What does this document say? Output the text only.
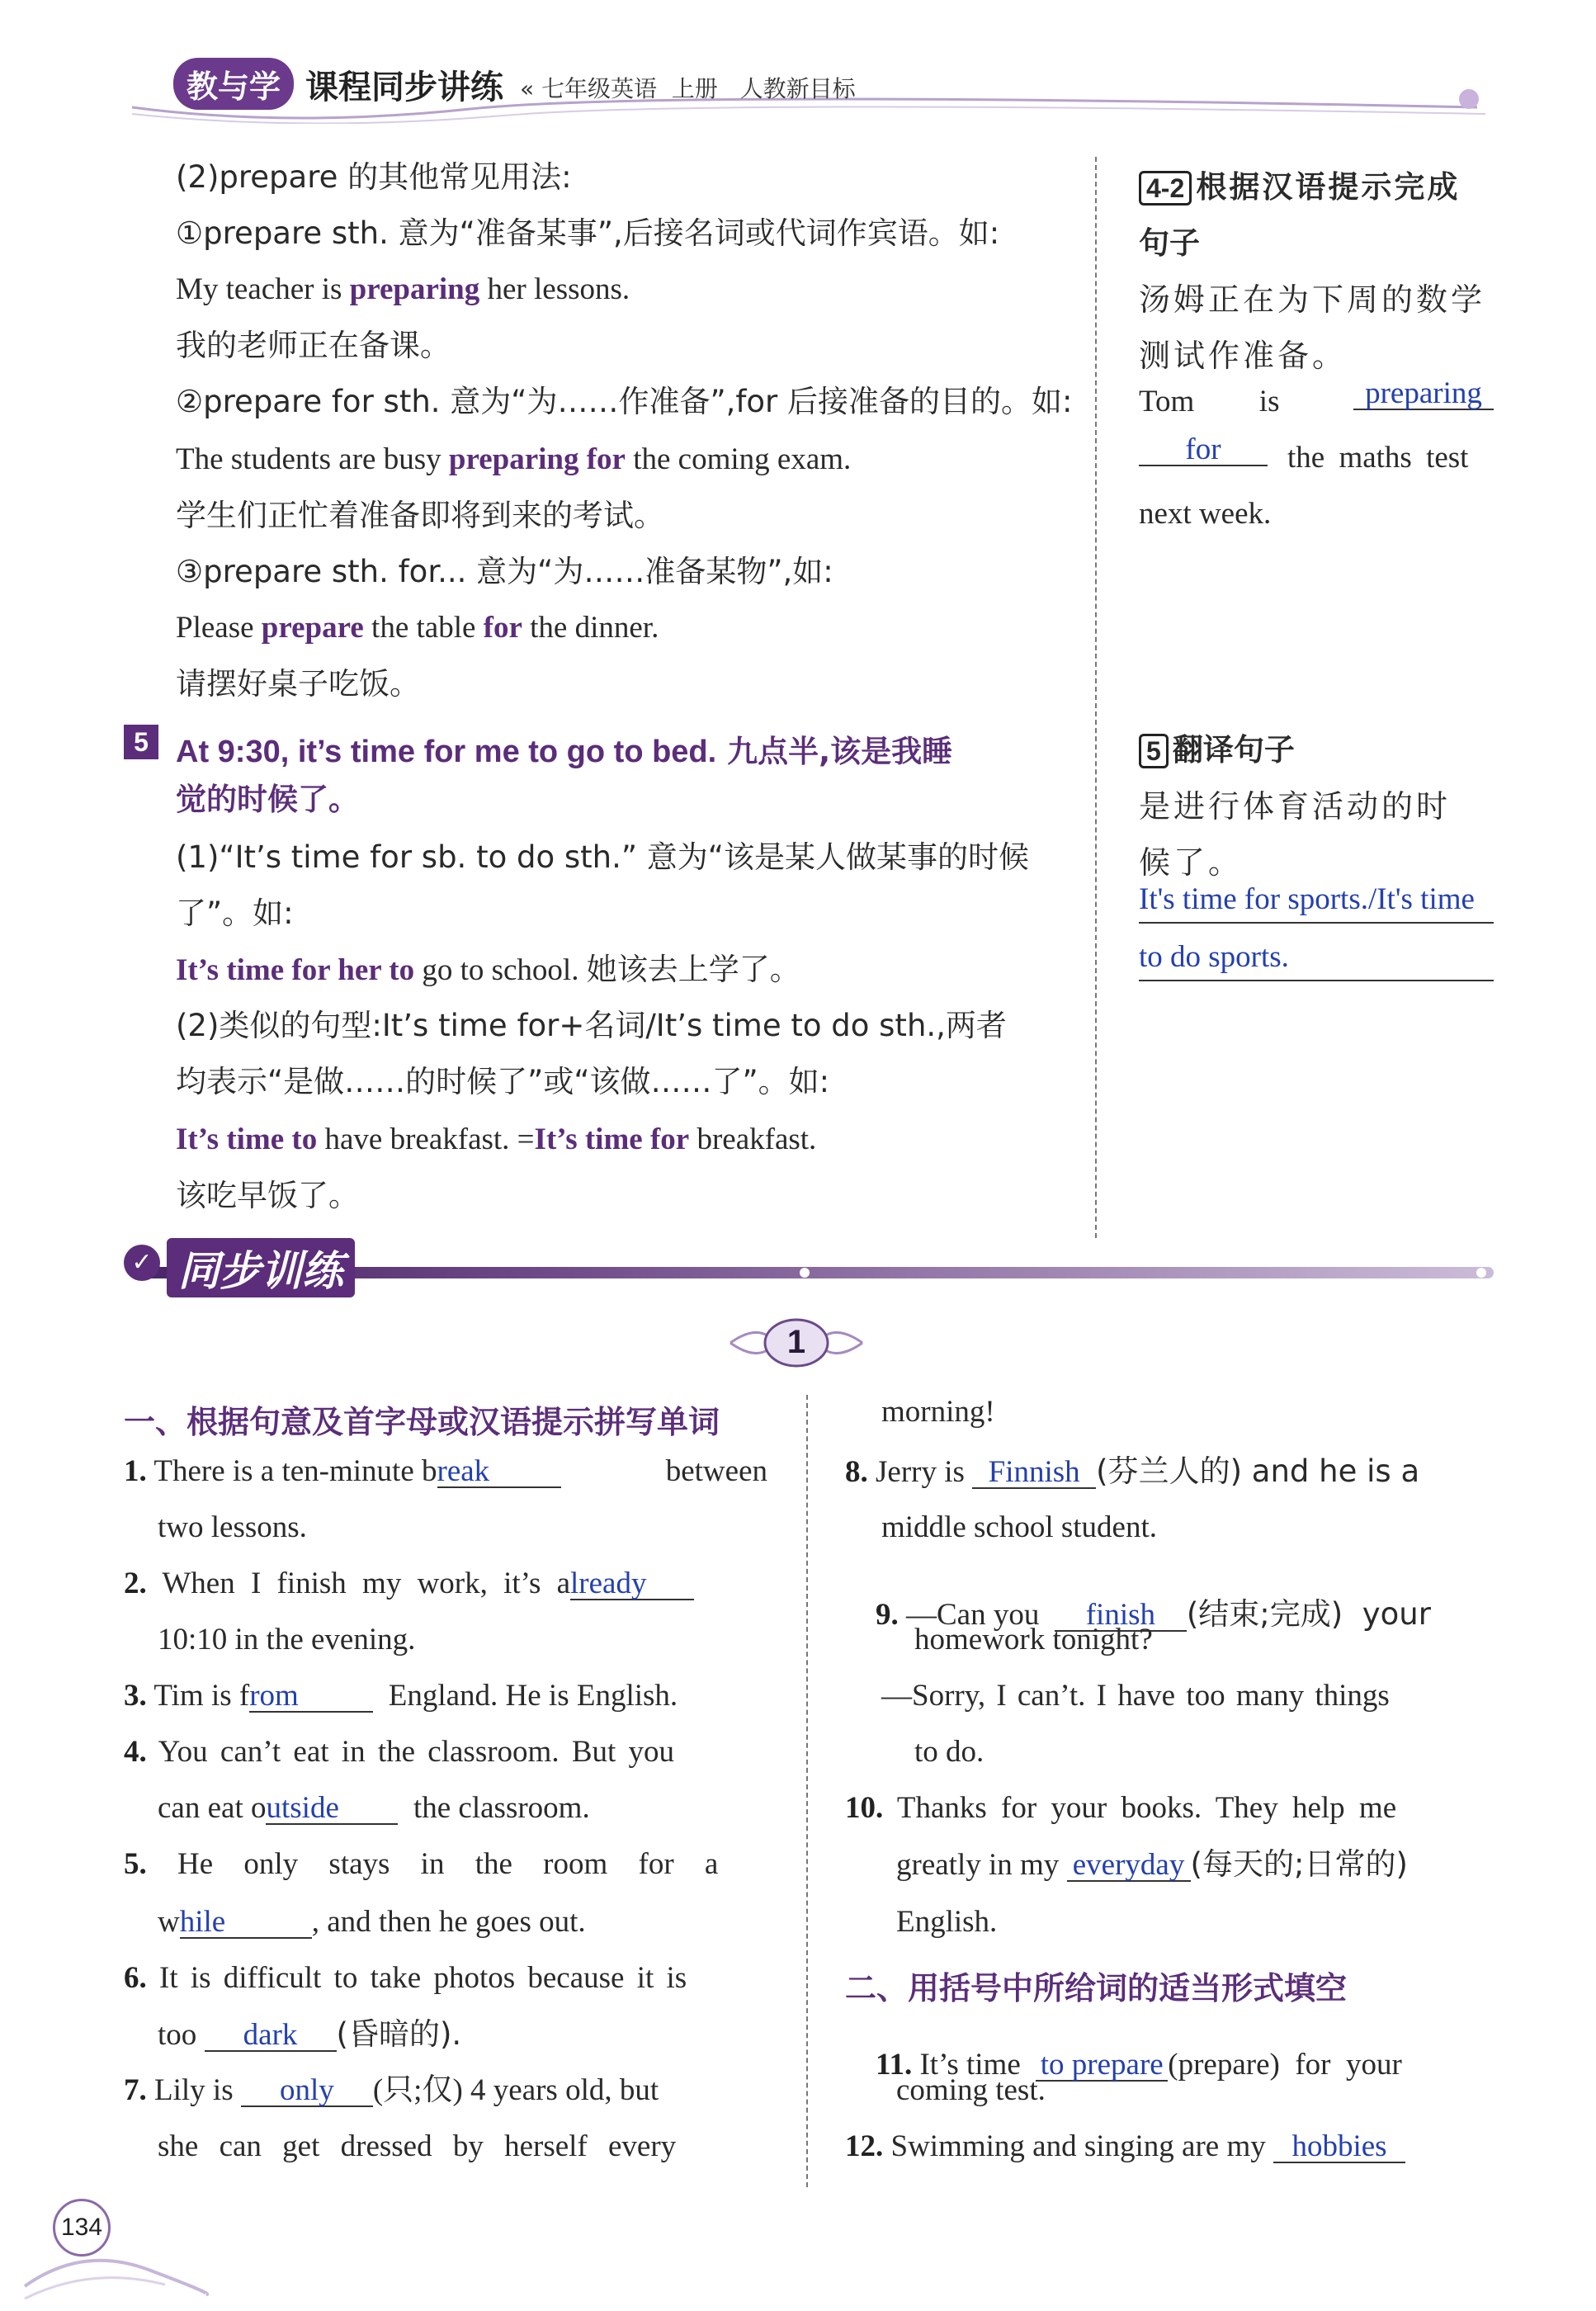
教与学 课程同步讲练 « 七年级英语 上册 人教新目标
(2)prepare 的其他常见用法:
①prepare sth. 意为“准备某事”,后接名词或代词作宾语。如:
My teacher is preparing her lessons.
我的老师正在备课。
②prepare for sth. 意为“为……作准备”,for 后接准备的目的。如:
The students are busy preparing for the coming exam.
学生们正忙着准备即将到来的考试。
③prepare sth. for... 意为“为……准备某物”,如:
Please prepare the table for the dinner.
请摆好桌子吃饭。
5 At 9:30, it’s time for me to go to bed. 九点半,该是我睡
觉的时候了。
(1)“It’s time for sb. to do sth.” 意为“该是某人做某事的时候
了”。如:
It’s time for her to go to school. 她该去上学了。
(2)类似的句型:It’s time for+名词/It’s time to do sth.,两者
均表示“是做……的时候了”或“该做……了”。如:
It’s time to have breakfast. =It’s time for breakfast.
该吃早饭了。
4-2 根据汉语提示完成
句子
汤姆正在为下周的数学
测试作准备。
Tom  is	preparing
for	the maths test
next week.
5 翻译句子
是进行体育活动的时
候了。
It's time for sports./It's time
to do sports.
✓ 同步训练
1
一、根据句意及首字母或汉语提示拼写单词
1. There is a ten-minute break	between
two lessons.
2. When I finish my work, it’s already
10:10 in the evening.
3. Tim is from	England. He is English.
4. You can’t eat in the classroom. But you
can eat outside the classroom.
5. He only stays in the room for a
while	, and then he goes out.
6. It is difficult to take photos because it is
too dark (昏暗的).
7. Lily is only (只;仅) 4 years old, but
she can get dressed by herself every
morning!
8. Jerry is Finnish (芬兰人的) and he is a
middle school student.

9. —Can you finish (结束;完成)  your

homework tonight?
—Sorry, I can’t. I have too many things
to do.
10. Thanks for your books. They help me
greatly in my everyday (每天的;日常的)
English.
二、用括号中所给词的适当形式填空

11. It’s time to prepare (prepare)  for  your

coming test.
12. Swimming and singing are my hobbies
134
